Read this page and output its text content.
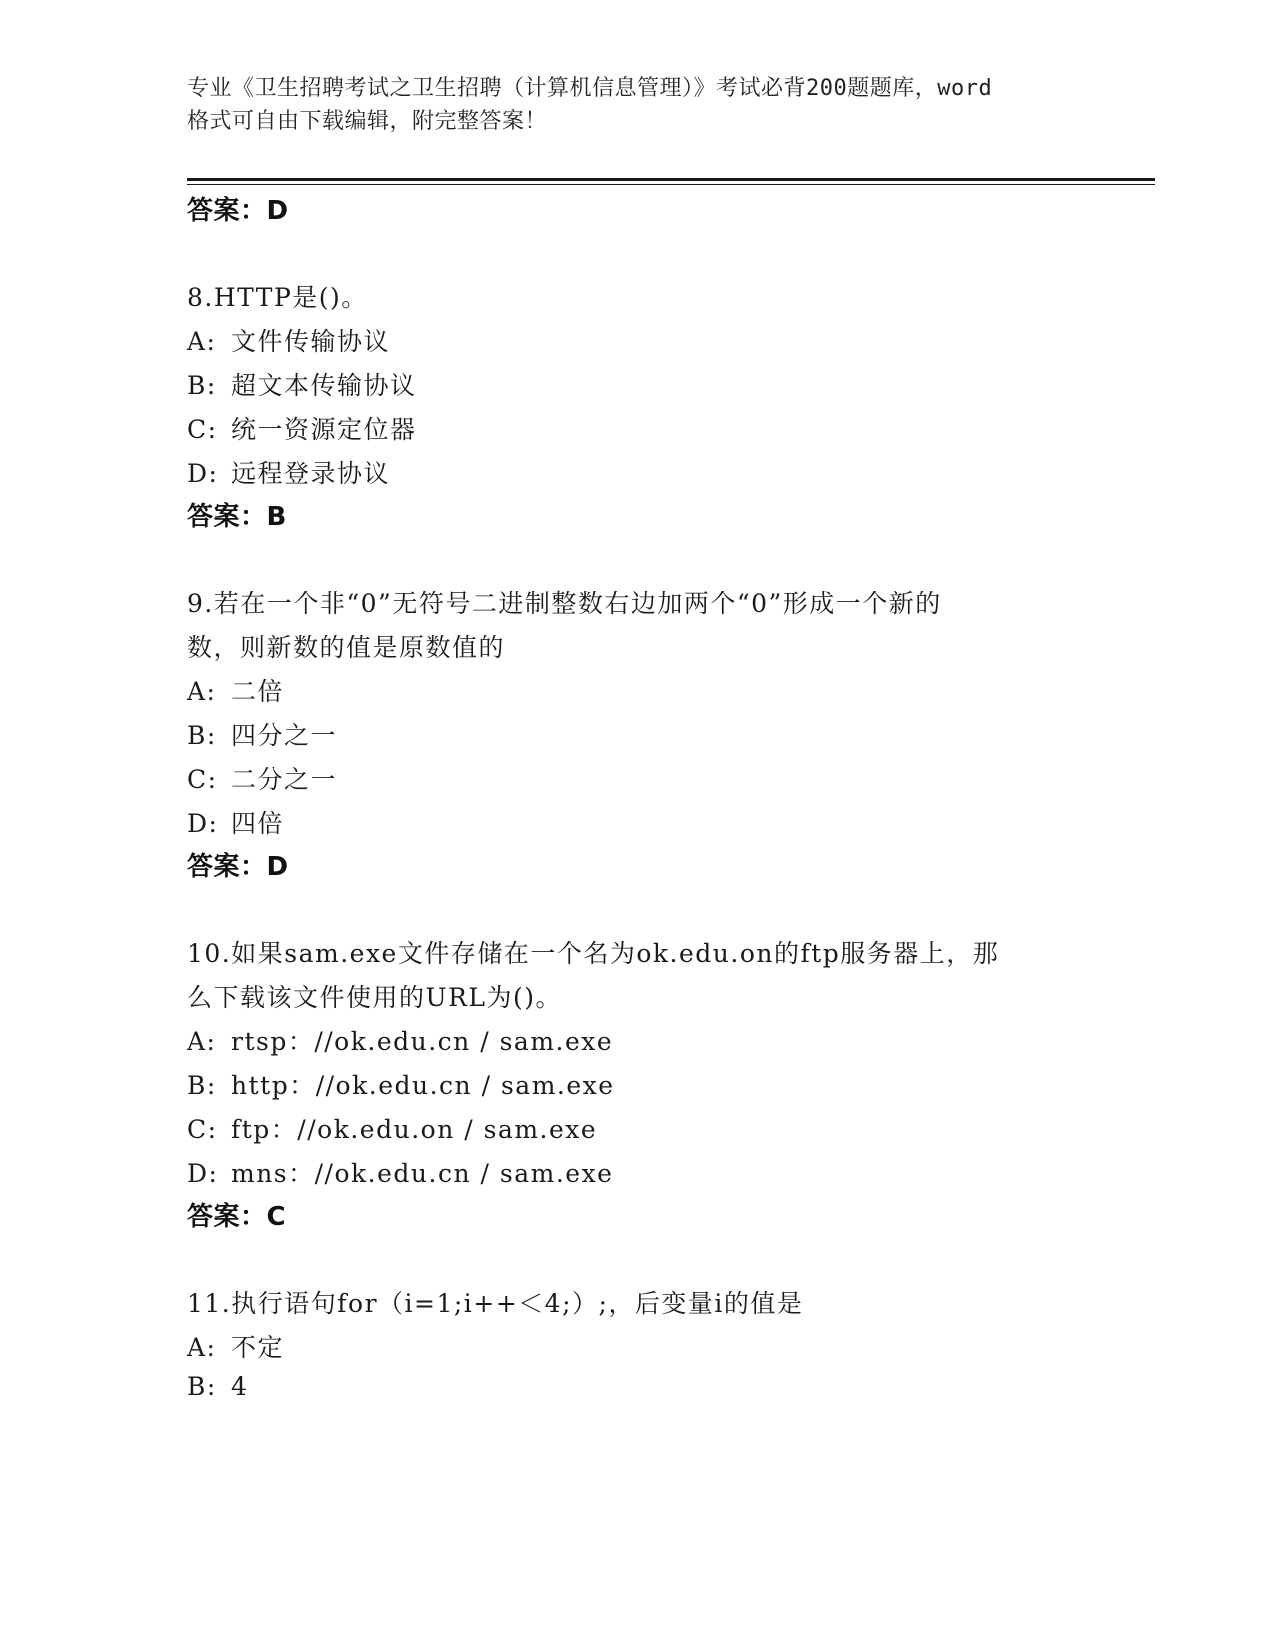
专业《卫生招聘考试之卫生招聘（计算机信息管理）》考试必背200题题库，word
格式可自由下载编辑，附完整答案！
答案：D
8.HTTP是()。
A: 文件传输协议
B: 超文本传输协议
C: 统一资源定位器
D: 远程登录协议
答案：B
9.若在一个非“0”无符号二进制整数右边加两个“0”形成一个新的
数，则新数的值是原数值的
A: 二倍
B: 四分之一
C: 二分之一
D: 四倍
答案：D
10.如果sam.exe文件存储在一个名为ok.edu.on的ftp服务器上，那
么下载该文件使用的URL为()。
A: rtsp：//ok.edu.cn / sam.exe
B: http：//ok.edu.cn / sam.exe
C: ftp：//ok.edu.on / sam.exe
D: mns：//ok.edu.cn / sam.exe
答案：C
11.执行语句for（i=1;i++＜4;）;，后变量i的值是
A: 不定
B: 4
